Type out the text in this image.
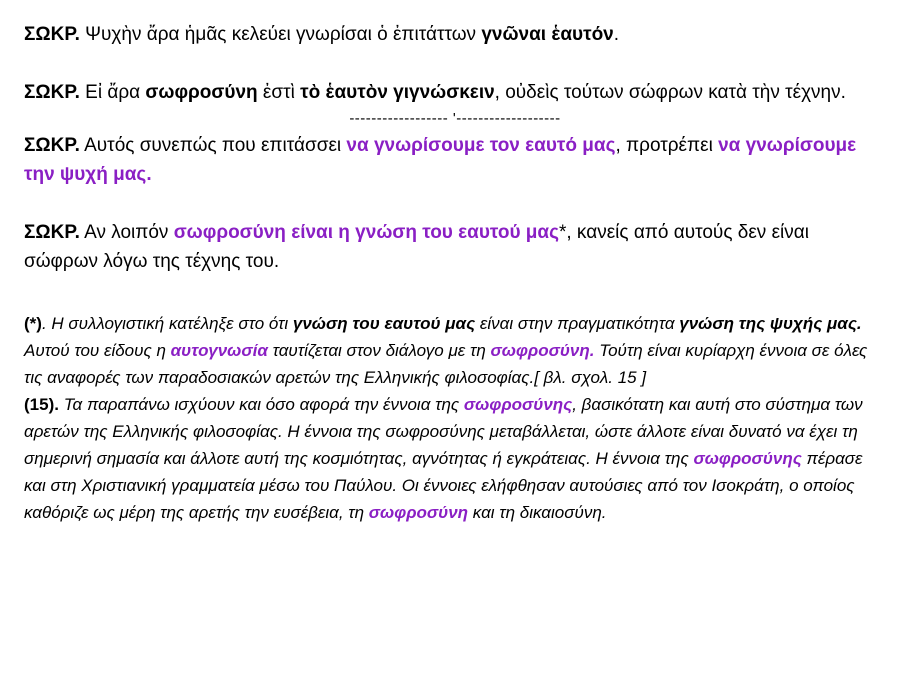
ΣΩΚΡ. Ψυχὴν ἄρα ἡμᾶς κελεύει γνωρίσαι ὁ ἐπιτάττων γνῶναι ἑαυτόν.

ΣΩΚΡ. Εἰ ἄρα σωφροσύνη ἐστὶ τὸ ἑαυτὸν γιγνώσκειν, οὐδεὶς τούτων σώφρων κατὰ τὴν τέχνην.

------------------ '-------------------

ΣΩΚΡ. Αυτός συνεπώς που επιτάσσει να γνωρίσουμε τον εαυτό μας, προτρέπει να γνωρίσουμε την ψυχή μας.

ΣΩΚΡ. Αν λοιπόν σωφροσύνη είναι η γνώση του εαυτού μας*, κανείς από αυτούς δεν είναι σώφρων λόγω της τέχνης του.

(*). Η συλλογιστική κατέληξε στο ότι γνώση του εαυτού μας είναι στην πραγματικότητα γνώση της ψυχής μας. Αυτού του είδους η αυτογνωσία ταυτίζεται στον διάλογο με τη σωφροσύνη. Τούτη είναι κυρίαρχη έννοια σε όλες τις αναφορές των παραδοσιακών αρετών της Ελληνικής φιλοσοφίας.[ βλ. σχολ. 15 ]

(15). Τα παραπάνω ισχύουν και όσο αφορά την έννοια της σωφροσύνης, βασικότατη και αυτή στο σύστημα των αρετών της Ελληνικής φιλοσοφίας. Η έννοια της σωφροσύνης μεταβάλλεται, ώστε άλλοτε είναι δυνατό να έχει τη σημερινή σημασία και άλλοτε αυτή της κοσμιότητας, αγνότητας ή εγκράτειας. Η έννοια της σωφροσύνης πέρασε και στη Χριστιανική γραμματεία μέσω του Παύλου. Οι έννοιες ελήφθησαν αυτούσιες από τον Ισοκράτη, ο οποίος καθόριζε ως μέρη της αρετής την ευσέβεια, τη σωφροσύνη και τη δικαιοσύνη.
